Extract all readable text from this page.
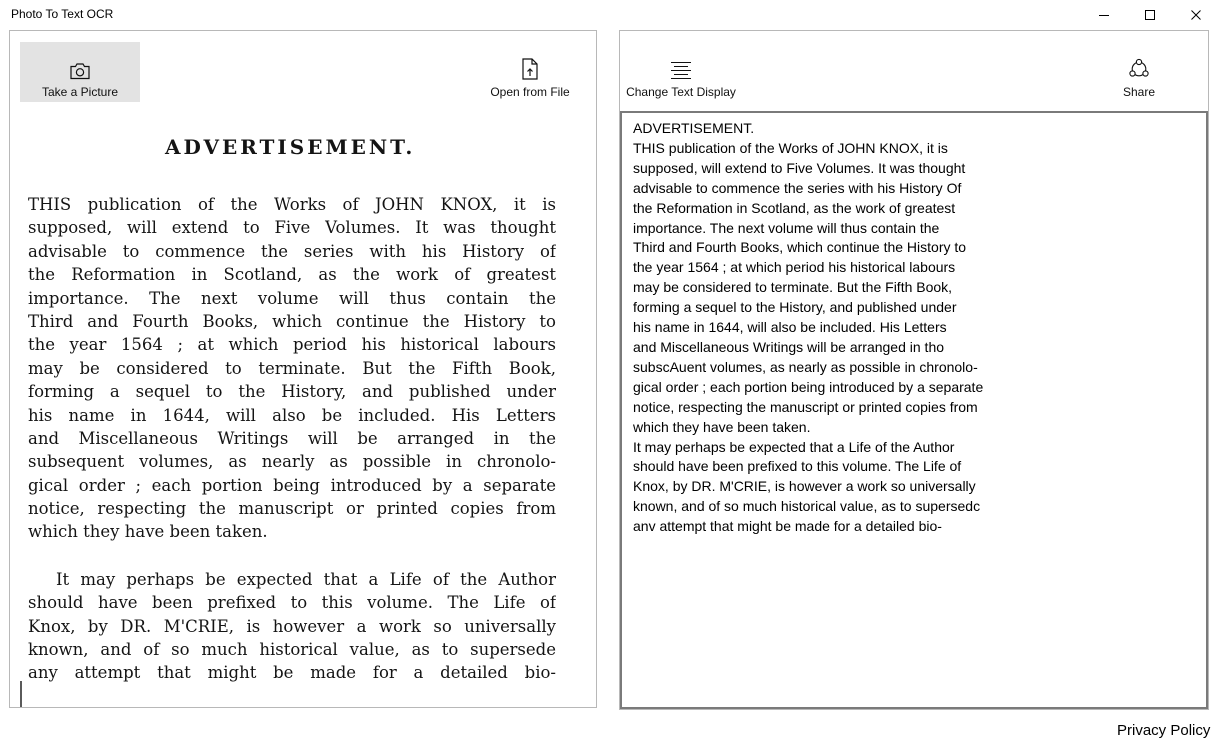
Photo To Text OCR
Take a Picture	Open from File
ADVERTISEMENT.
THIS publication of the Works of JOHN KNOX, it is
supposed, will extend to Five Volumes. It was thought
advisable to commence the series with his History of
the Reformation in Scotland, as the work of greatest
importance. The next volume will thus contain the
Third and Fourth Books, which continue the History to
the year 1564 ; at which period his historical labours
may be considered to terminate. But the Fifth Book,
forming a sequel to the History, and published under
his name in 1644, will also be included. His Letters
and Miscellaneous Writings will be arranged in the
subsequent volumes, as nearly as possible in chronolo-
gical order ; each portion being introduced by a separate
notice, respecting the manuscript or printed copies from
which they have been taken.
It may perhaps be expected that a Life of the Author
should have been prefixed to this volume. The Life of
Knox, by DR. M'CRIE, is however a work so universally
known, and of so much historical value, as to supersede
any attempt that might be made for a detailed bio-
Change Text Display	Share
ADVERTISEMENT.
THIS publication of the Works of JOHN KNOX, it is
supposed, will extend to Five Volumes. It was thought
advisable to commence the series with his History Of
the Reformation in Scotland, as the work of greatest
importance. The next volume will thus contain the
Third and Fourth Books, which continue the History to
the year 1564 ; at which period his historical labours
may be considered to terminate. But the Fifth Book,
forming a sequel to the History, and published under
his name in 1644, will also be included. His Letters
and Miscellaneous Writings will be arranged in tho
subscAuent volumes, as nearly as possible in chronolo-
gical order ; each portion being introduced by a separate
notice, respecting the manuscript or printed copies from
which they have been taken.
It may perhaps be expected that a Life of the Author
should have been prefixed to this volume. The Life of
Knox, by DR. M'CRIE, is however a work so universally
known, and of so much historical value, as to supersedc
anv attempt that might be made for a detailed bio-
Privacy Policy
